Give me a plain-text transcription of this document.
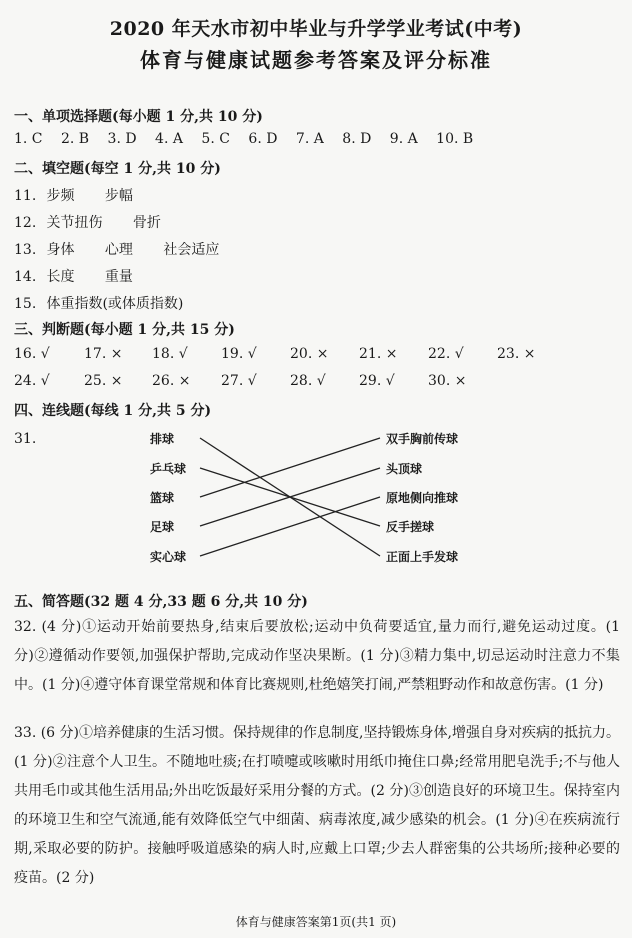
2020 年天水市初中毕业与升学学业考试(中考)
体育与健康试题参考答案及评分标准
一、单项选择题(每小题 1 分,共 10 分)
1. C 2. B 3. D 4. A 5. C 6. D 7. A 8. D 9. A 10. B
二、填空题(每空 1 分,共 10 分)
11. 步频 步幅
12. 关节扭伤 骨折
13. 身体 心理 社会适应
14. 长度 重量
15. 体重指数(或体质指数)
三、判断题(每小题 1 分,共 15 分)
16. √ 17. × 18. √ 19. √ 20. × 21. × 22. √ 23. ×
24. √ 25. × 26. × 27. √ 28. √ 29. √ 30. ×
四、连线题(每线 1 分,共 5 分)
31.	排球
乒乓球
篮球
足球
实心球
双手胸前传球
头顶球
原地侧向推球
反手搓球
正面上手发球
五、简答题(32 题 4 分,33 题 6 分,共 10 分)
32. (4 分)①运动开始前要热身,结束后要放松;运动中负荷要适宜,量力而行,避免运动过度。(1 分)②遵循动作要领,加强保护帮助,完成动作坚决果断。(1 分)③精力集中,切忌运动时注意力不集中。(1 分)④遵守体育课堂常规和体育比赛规则,杜绝嬉笑打闹,严禁粗野动作和故意伤害。(1 分)
33. (6 分)①培养健康的生活习惯。保持规律的作息制度,坚持锻炼身体,增强自身对疾病的抵抗力。(1 分)②注意个人卫生。不随地吐痰;在打喷嚏或咳嗽时用纸巾掩住口鼻;经常用肥皂洗手;不与他人共用毛巾或其他生活用品;外出吃饭最好采用分餐的方式。(2 分)③创造良好的环境卫生。保持室内的环境卫生和空气流通,能有效降低空气中细菌、病毒浓度,减少感染的机会。(1 分)④在疾病流行期,采取必要的防护。接触呼吸道感染的病人时,应戴上口罩;少去人群密集的公共场所;接种必要的疫苗。(2 分)
体育与健康答案第1页(共1 页)
